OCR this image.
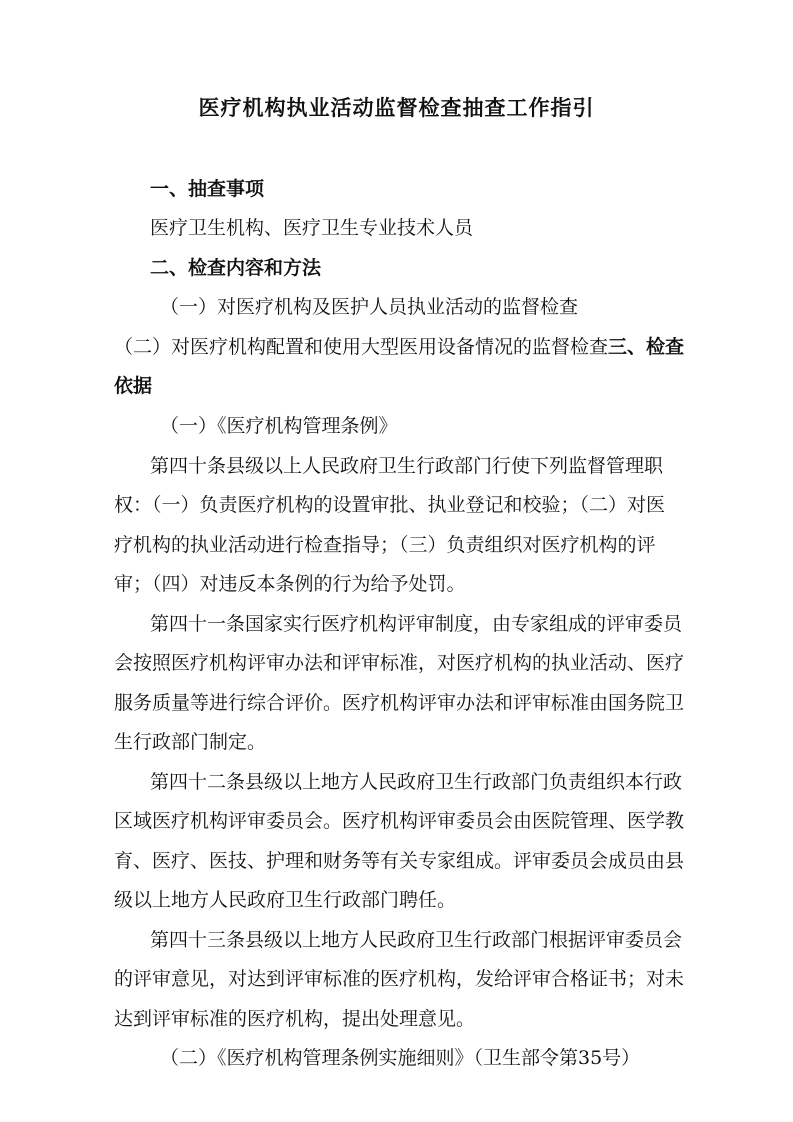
医疗机构执业活动监督检查抽查工作指引
一、抽查事项
医疗卫生机构、医疗卫生专业技术人员
二、检查内容和方法
（一）对医疗机构及医护人员执业活动的监督检查
（二）对医疗机构配置和使用大型医用设备情况的监督检查三、检查
依据
（一）《医疗机构管理条例》
第四十条县级以上人民政府卫生行政部门行使下列监督管理职
权：（一）负责医疗机构的设置审批、执业登记和校验；（二）对医
疗机构的执业活动进行检查指导；（三）负责组织对医疗机构的评
审；（四）对违反本条例的行为给予处罚。
第四十一条国家实行医疗机构评审制度，由专家组成的评审委员
会按照医疗机构评审办法和评审标准，对医疗机构的执业活动、医疗
服务质量等进行综合评价。医疗机构评审办法和评审标准由国务院卫
生行政部门制定。
第四十二条县级以上地方人民政府卫生行政部门负责组织本行政
区域医疗机构评审委员会。医疗机构评审委员会由医院管理、医学教
育、医疗、医技、护理和财务等有关专家组成。评审委员会成员由县
级以上地方人民政府卫生行政部门聘任。
第四十三条县级以上地方人民政府卫生行政部门根据评审委员会
的评审意见，对达到评审标准的医疗机构，发给评审合格证书；对未
达到评审标准的医疗机构，提出处理意见。
（二）《医疗机构管理条例实施细则》（卫生部令第35号）
